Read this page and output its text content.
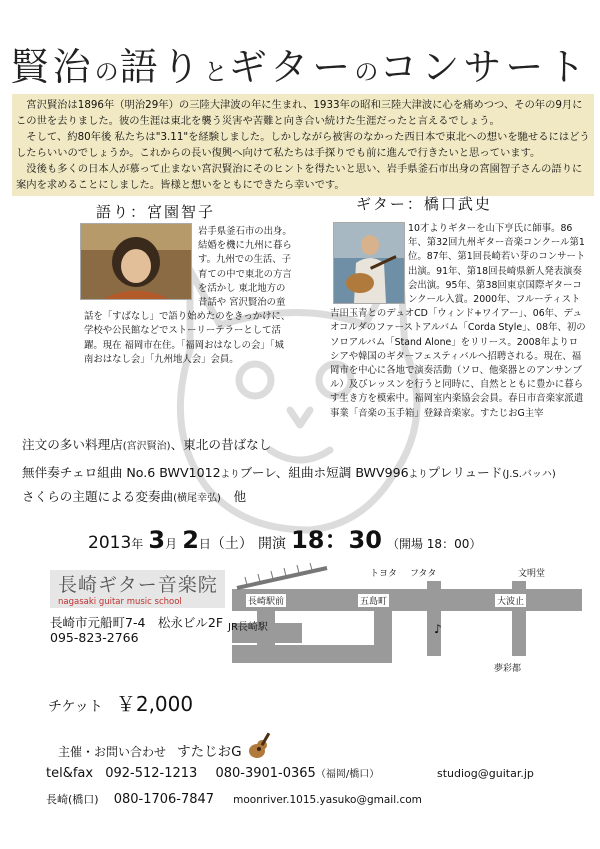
賢治の語りとギターのコンサート

宮沢賢治は1896年（明治29年）の三陸大津波の年に生まれ、1933年の昭和三陸大津波に心を痛めつつ、その年の9月にこの世を去りました。彼の生涯は東北を襲う災害や苦難と向き合い続けた生涯だったと言えるでしょう。

そして、約80年後 私たちは"3.11"を経験しました。しかしながら被害のなかった西日本で東北への想いを馳せるにはどうしたらいいのでしょうか。これからの長い復興へ向けて私たちは手探りでも前に進んで行きたいと思っています。

没後も多くの日本人が慕って止まない宮沢賢治にそのヒントを得たいと思い、岩手県釜石市出身の宮園智子さんの語りに案内を求めることにしました。皆様と想いをともにできたら幸いです。

語り：宮園智子
岩手県釜石市の出身。結婚を機に九州に暮らす。九州での生活、子育ての中で東北の方言を活かし 東北地方の昔話や 宮沢賢治の童話を「すばなし」で語り始めたのをきっかけに、学校や公民館などでストーリーテラーとして活躍。現在 福岡市在住。「福岡おはなしの会」「城南おはなし会」「九州地人会」会員。
ギター：橋口武史
10才よりギターを山下亨氏に師事。86年、第32回九州ギター音楽コンクール第1位。87年、第1回長崎若い芽のコンサート出演。91年、第18回長崎県新人発表演奏会出演。95年、第38回東京国際ギターコンクール入賞。2000年、フルーティスト吉田玉青とのデュオCD「ウィンド+ワイアー」、06年、デュオコルダのファーストアルバム「Corda Style」、08年、初のソロアルバム「Stand Alone」をリリース。2008年よりロシアや韓国のギターフェスティバルへ招聘される。現在、福岡市を中心に各地で演奏活動（ソロ、他楽器とのアンサンブル）及びレッスンを行うと同時に、自然とともに豊かに暮らす生き方を模索中。福岡室内楽協会会員。春日市音楽家派遣事業「音楽の玉手箱」登録音楽家。すたじおG主宰
注文の多い料理店(宮沢賢治)、東北の昔ばなし
無伴奏チェロ組曲 No.6 BWV1012よりブーレ、組曲ホ短調 BWV996よりプレリュード(J.S.バッハ)
さくらの主題による変奏曲(横尾幸弘)　 他
2013年 3月 2日（土） 開演 18：30 （開場 18：00）
長崎ギター音楽院
nagasaki guitar music school
長崎市元船町7-4　松永ビル2F
095-823-2766
♪
長崎駅前	五島町	大波止
トヨタ フタタ	文明堂
JR長崎駅
夢彩都
チケット ￥2,000
主催・お問い合わせ すたじおG
tel&fax 092-512-1213 080-3901-0365（福岡/橋口）	studiog@guitar.jp
長崎(橋口) 080-1706-7847 moonriver.1015.yasuko@gmail.com
